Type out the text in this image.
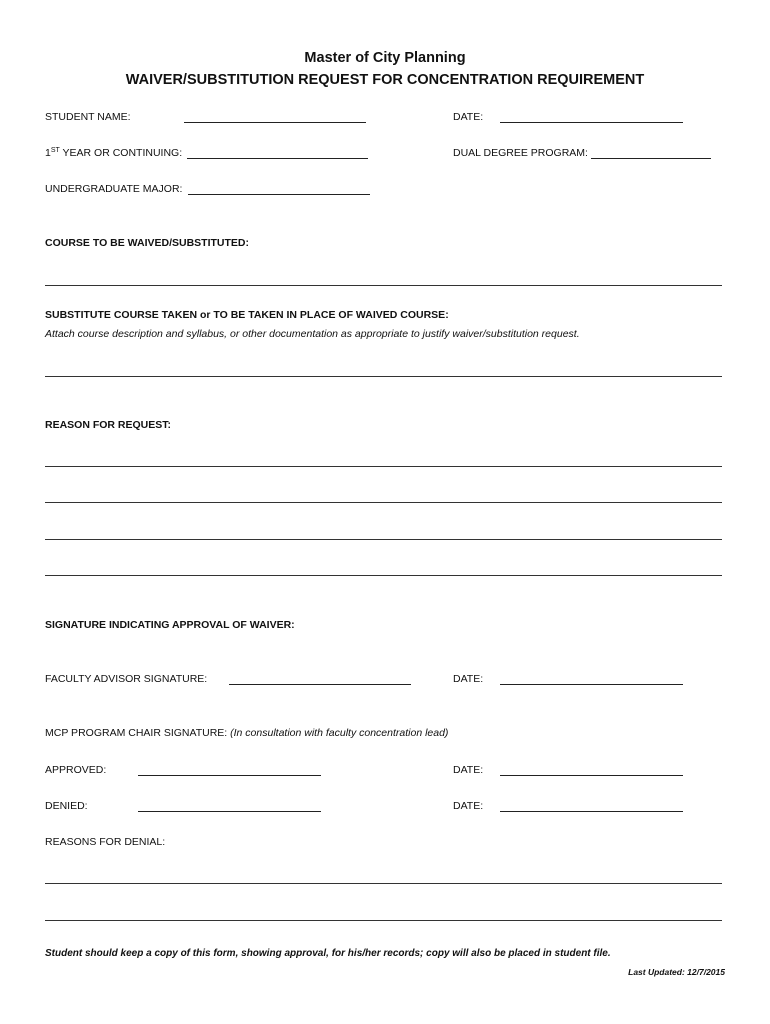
Master of City Planning
WAIVER/SUBSTITUTION REQUEST FOR CONCENTRATION REQUIREMENT
STUDENT NAME:	DATE:
1ST YEAR OR CONTINUING:	DUAL DEGREE PROGRAM:
UNDERGRADUATE MAJOR:
COURSE TO BE WAIVED/SUBSTITUTED:
SUBSTITUTE COURSE TAKEN or TO BE TAKEN IN PLACE OF WAIVED COURSE:
Attach course description and syllabus, or other documentation as appropriate to justify waiver/substitution request.
REASON FOR REQUEST:
SIGNATURE INDICATING APPROVAL OF WAIVER:
FACULTY ADVISOR SIGNATURE:	DATE:
MCP PROGRAM CHAIR SIGNATURE: (In consultation with faculty concentration lead)
APPROVED:	DATE:
DENIED:	DATE:
REASONS FOR DENIAL:
Student should keep a copy of this form, showing approval, for his/her records; copy will also be placed in student file.
Last Updated: 12/7/2015
